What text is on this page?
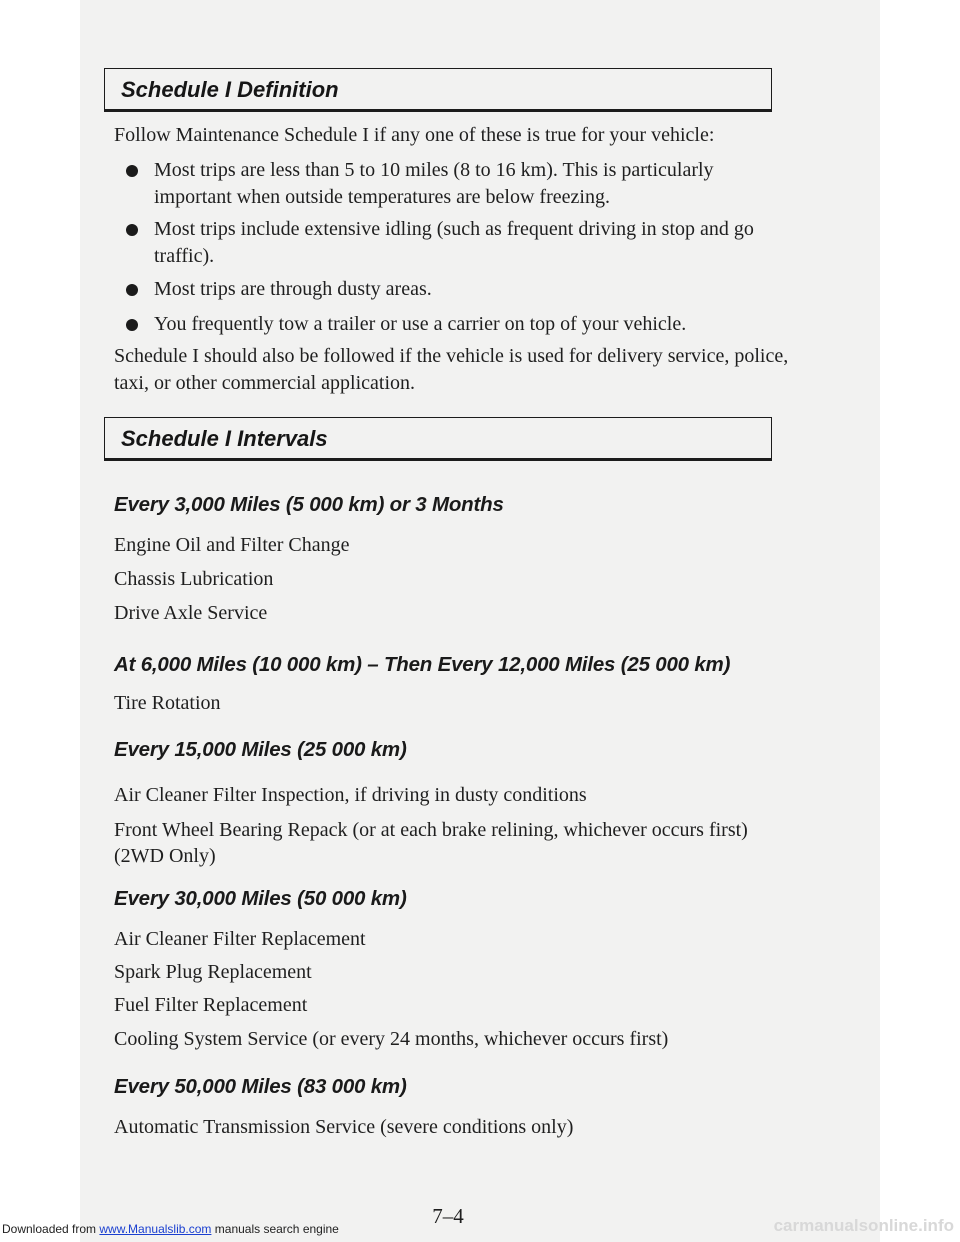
Schedule I Definition
Follow Maintenance Schedule I if any one of these is true for your vehicle:
Most trips are less than 5 to 10 miles (8 to 16 km). This is particularly important when outside temperatures are below freezing.
Most trips include extensive idling (such as frequent driving in stop and go traffic).
Most trips are through dusty areas.
You frequently tow a trailer or use a carrier on top of your vehicle.
Schedule I should also be followed if the vehicle is used for delivery service, police, taxi, or other commercial application.
Schedule I Intervals
Every 3,000 Miles (5 000 km) or 3 Months
Engine Oil and Filter Change
Chassis Lubrication
Drive Axle Service
At 6,000 Miles (10 000 km) – Then Every 12,000 Miles (25 000 km)
Tire Rotation
Every 15,000 Miles (25 000 km)
Air Cleaner Filter Inspection, if driving in dusty conditions
Front Wheel Bearing Repack (or at each brake relining, whichever occurs first) (2WD Only)
Every 30,000 Miles (50 000 km)
Air Cleaner Filter Replacement
Spark Plug Replacement
Fuel Filter Replacement
Cooling System Service (or every 24 months, whichever occurs first)
Every 50,000 Miles (83 000 km)
Automatic Transmission Service (severe conditions only)
7–4
Downloaded from www.Manualslib.com manuals search engine	carmanualsonline.info
